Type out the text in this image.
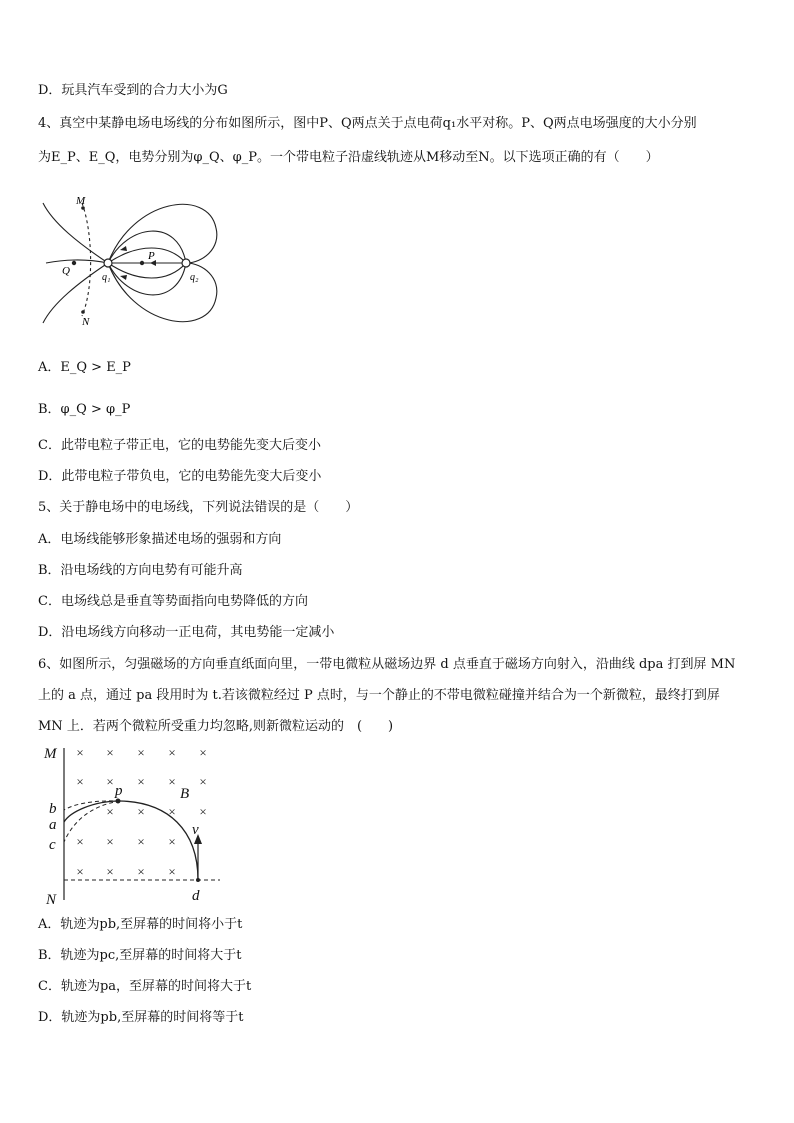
D．玩具汽车受到的合力大小为G
4、真空中某静电场电场线的分布如图所示，图中P、Q两点关于点电荷q₁水平对称。P、Q两点电场强度的大小分别
为E_P、E_Q，电势分别为φ_Q、φ_P。一个带电粒子沿虚线轨迹从M移动至N。以下选项正确的有（　　）
M
N
Q
P
q₁	q₂
A．E_Q > E_P
B．φ_Q > φ_P
C．此带电粒子带正电，它的电势能先变大后变小
D．此带电粒子带负电，它的电势能先变大后变小
5、关于静电场中的电场线，下列说法错误的是（　　）
A．电场线能够形象描述电场的强弱和方向
B．沿电场线的方向电势有可能升高
C．电场线总是垂直等势面指向电势降低的方向
D．沿电场线方向移动一正电荷，其电势能一定减小
6、如图所示，匀强磁场的方向垂直纸面向里，一带电微粒从磁场边界 d 点垂直于磁场方向射入，沿曲线 dpa 打到屏 MN
上的 a 点，通过 pa 段用时为 t.若该微粒经过 P 点时，与一个静止的不带电微粒碰撞并结合为一个新微粒，最终打到屏
MN 上．若两个微粒所受重力均忽略,则新微粒运动的　(　　)
× × × × ×
× × × × ×
× × × ×
× × × ×
× × × ×
M
N
b
a
c
p	B
v
d
A．轨迹为pb,至屏幕的时间将小于t
B．轨迹为pc,至屏幕的时间将大于t
C．轨迹为pa，至屏幕的时间将大于t
D．轨迹为pb,至屏幕的时间将等于t
